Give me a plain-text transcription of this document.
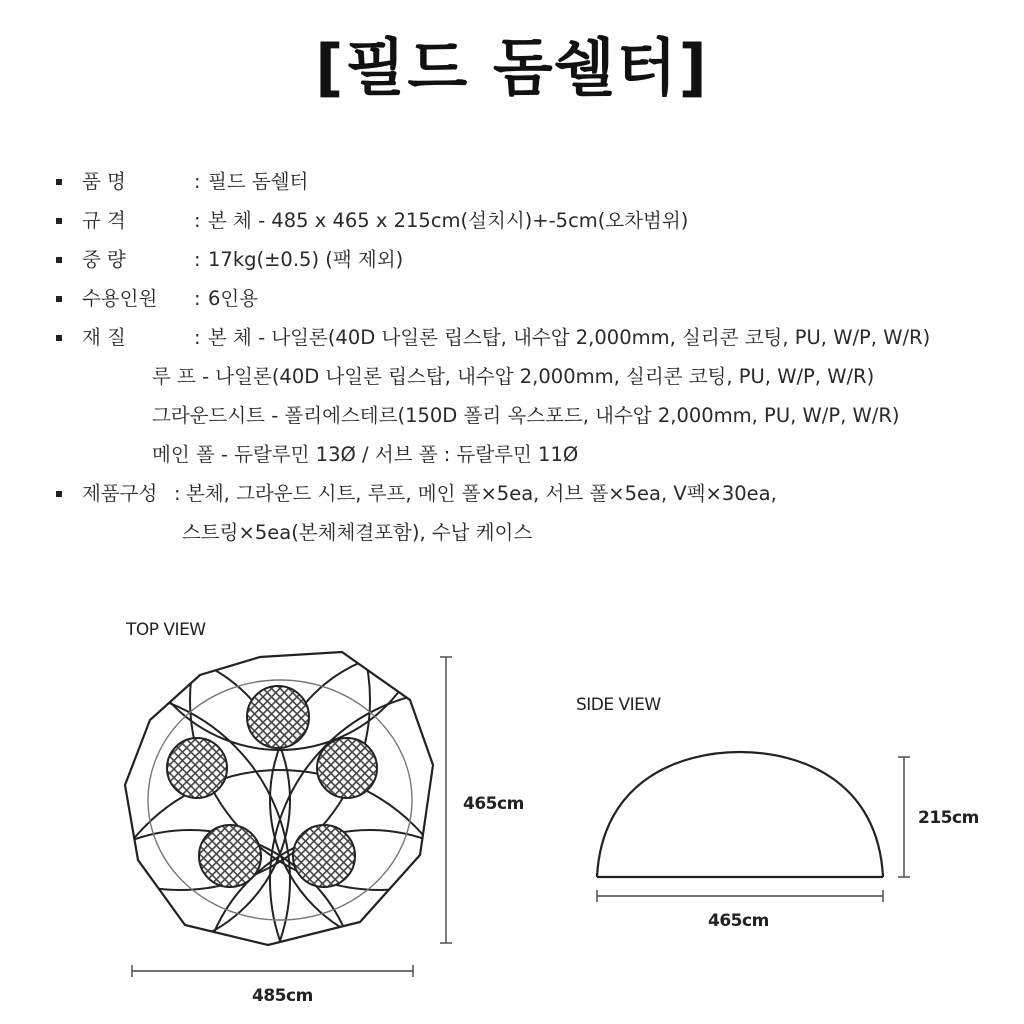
[필드 돔쉘터]
품 명	: 필드 돔쉘터
규 격	: 본 체 - 485 x 465 x 215cm(설치시)+-5cm(오차범위)
중 량	: 17kg(±0.5) (팩 제외)
수용인원 : 6인용
재 질	: 본 체 - 나일론(40D 나일론 립스탑, 내수압 2,000mm, 실리콘 코팅, PU, W/P, W/R)
루 프 - 나일론(40D 나일론 립스탑, 내수압 2,000mm, 실리콘 코팅, PU, W/P, W/R)
그라운드시트 - 폴리에스테르(150D 폴리 옥스포드, 내수압 2,000mm, PU, W/P, W/R)
메인 폴 - 듀랄루민 13Ø / 서브 폴 : 듀랄루민 11Ø
제품구성 : 본체, 그라운드 시트, 루프, 메인 폴×5ea, 서브 폴×5ea, V펙×30ea,
스트링×5ea(본체체결포함), 수납 케이스
TOP VIEW
465cm
485cm
SIDE VIEW
215cm
465cm
